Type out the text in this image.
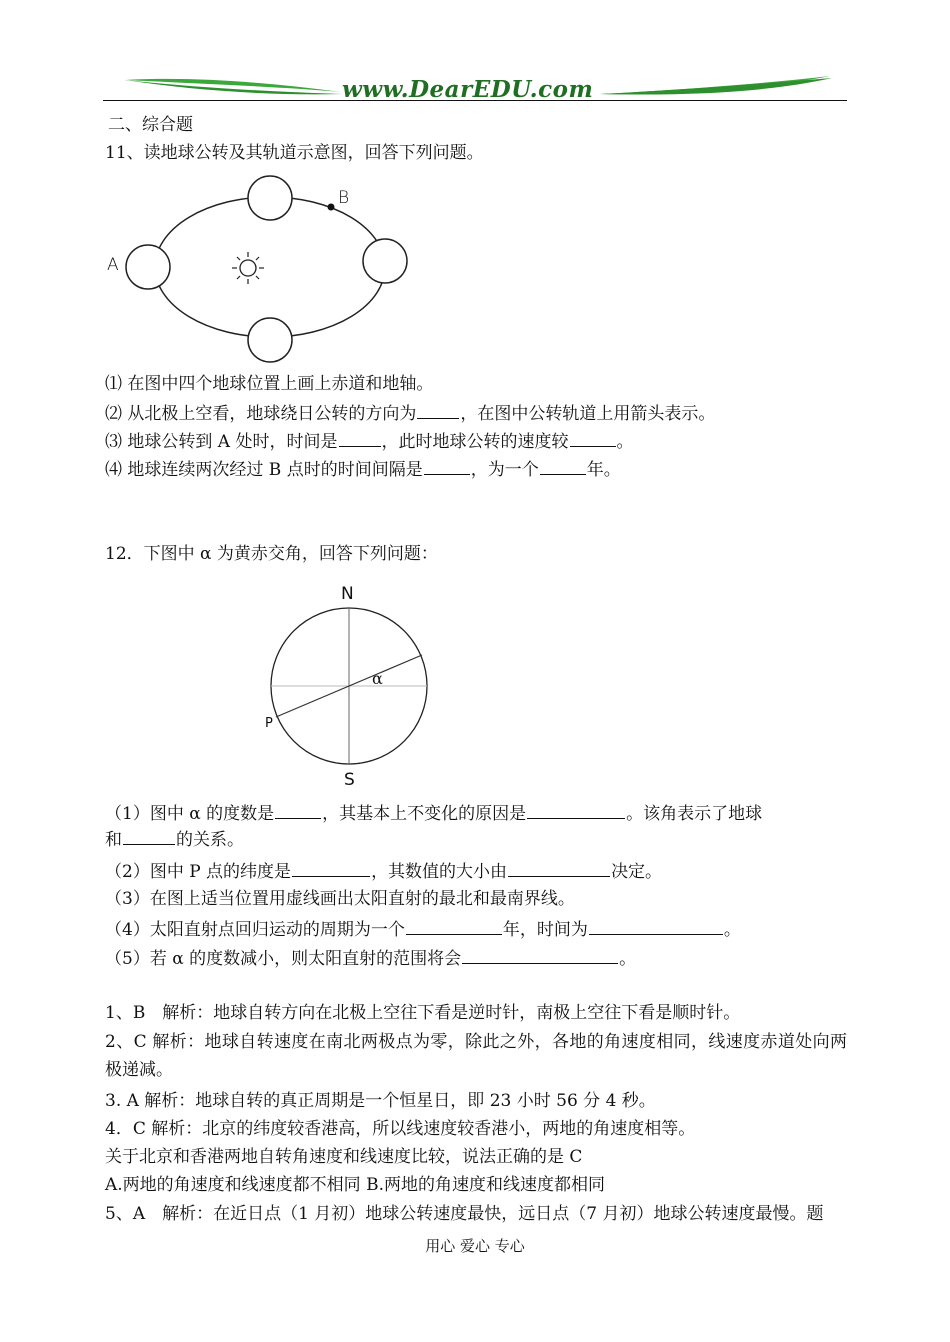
www.DearEDU.com
二、综合题
11、读地球公转及其轨道示意图，回答下列问题。
A
B
⑴ 在图中四个地球位置上画上赤道和地轴。
⑵ 从北极上空看，地球绕日公转的方向为	，在图中公转轨道上用箭头表示。
⑶ 地球公转到 A 处时，时间是	，此时地球公转的速度较	。
⑷ 地球连续两次经过 B 点时的时间间隔是	，为一个	年。
12．下图中 α 为黄赤交角，回答下列问题：
N
S
P
α
（1）图中 α 的度数是	，其基本上不变化的原因是	。该角表示了地球
和	的关系。
（2）图中 P 点的纬度是	，其数值的大小由	决定。
（3）在图上适当位置用虚线画出太阳直射的最北和最南界线。
（4）太阳直射点回归运动的周期为一个	年，时间为	。
（5）若 α 的度数减小，则太阳直射的范围将会	。
1、B　解析：地球自转方向在北极上空往下看是逆时针，南极上空往下看是顺时针。
2、C 解析：地球自转速度在南北两极点为零，除此之外，各地的角速度相同，线速度赤道处向两极递减。
3. A 解析：地球自转的真正周期是一个恒星日，即 23 小时 56 分 4 秒。
4．C 解析：北京的纬度较香港高，所以线速度较香港小，两地的角速度相等。
关于北京和香港两地自转角速度和线速度比较，说法正确的是 C
A.两地的角速度和线速度都不相同 B.两地的角速度和线速度都相同
5、A　解析：在近日点（1 月初）地球公转速度最快，远日点（7 月初）地球公转速度最慢。题
用心 爱心 专心
